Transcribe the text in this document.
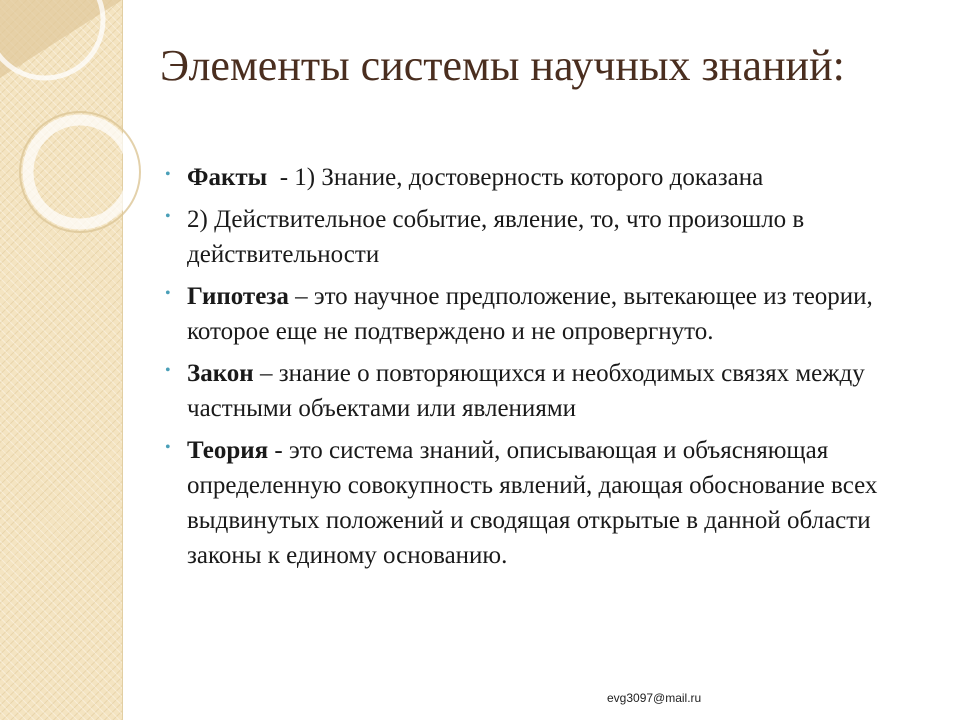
Элементы системы научных знаний:
• Факты  - 1) Знание, достоверность которого доказана
• 2) Действительное событие, явление, то, что произошло в действительности
• Гипотеза – это научное предположение, вытекающее из теории, которое еще не подтверждено и не опровергнуто.
• Закон – знание о повторяющихся и необходимых связях между частными объектами или явлениями
• Теория - это система знаний, описывающая и объясняющая определенную совокупность явлений, дающая обоснование всех выдвинутых положений и сводящая открытые в данной области законы к единому основанию.
evg3097@mail.ru
